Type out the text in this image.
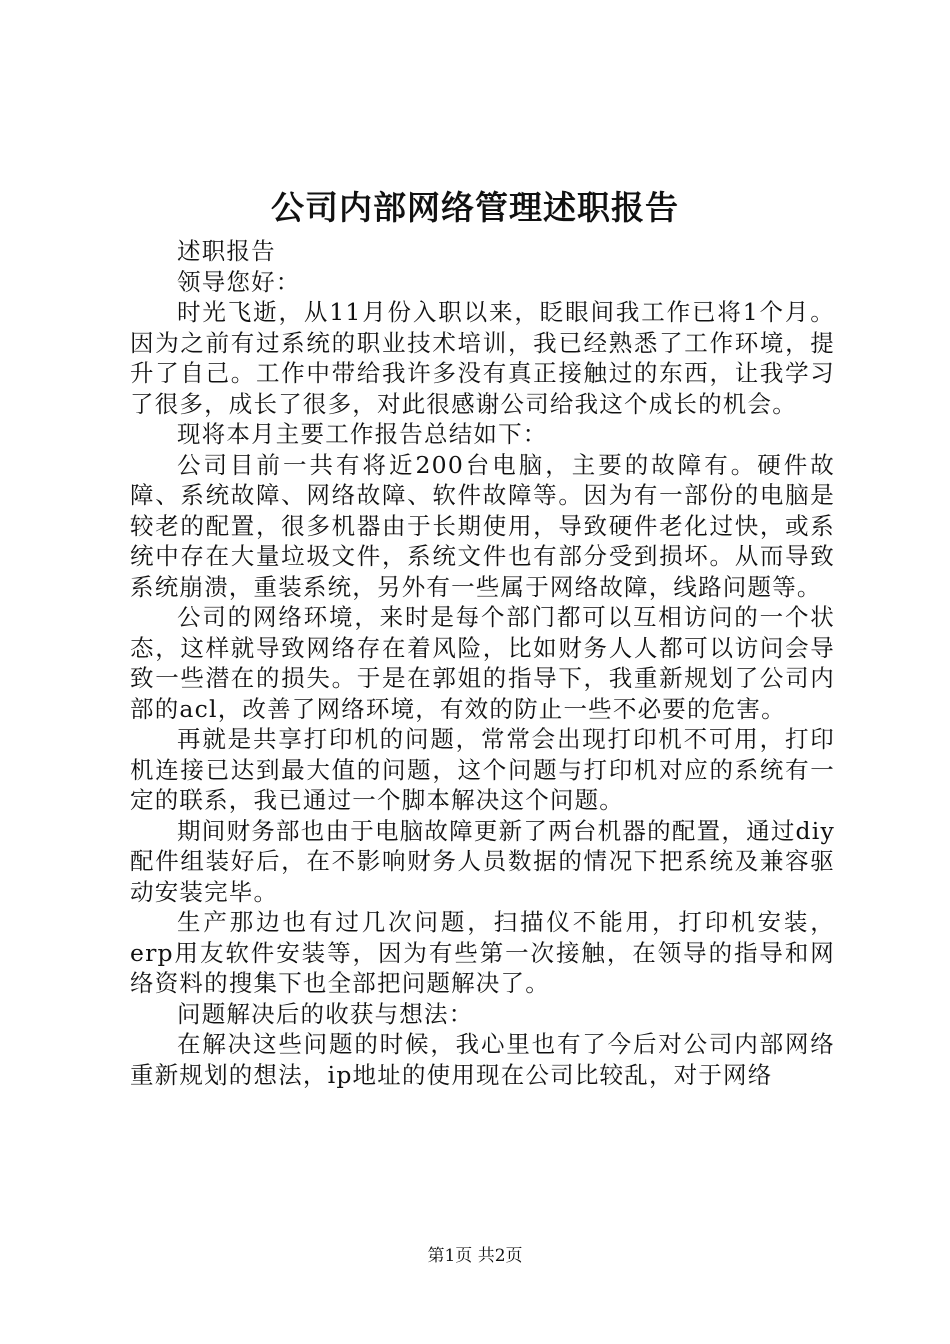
公司内部网络管理述职报告

述职报告

领导您好：

时光飞逝，从11月份入职以来，眨眼间我工作已将1个月。因为之前有过系统的职业技术培训，我已经熟悉了工作环境，提升了自己。工作中带给我许多没有真正接触过的东西，让我学习了很多，成长了很多，对此很感谢公司给我这个成长的机会。

现将本月主要工作报告总结如下：

公司目前一共有将近200台电脑，主要的故障有。硬件故障、系统故障、网络故障、软件故障等。因为有一部份的电脑是较老的配置，很多机器由于长期使用，导致硬件老化过快，或系统中存在大量垃圾文件，系统文件也有部分受到损坏。从而导致系统崩溃，重装系统，另外有一些属于网络故障，线路问题等。

公司的网络环境，来时是每个部门都可以互相访问的一个状态，这样就导致网络存在着风险，比如财务人人都可以访问会导致一些潜在的损失。于是在郭姐的指导下，我重新规划了公司内部的acl，改善了网络环境，有效的防止一些不必要的危害。

再就是共享打印机的问题，常常会出现打印机不可用，打印机连接已达到最大值的问题，这个问题与打印机对应的系统有一定的联系，我已通过一个脚本解决这个问题。

期间财务部也由于电脑故障更新了两台机器的配置，通过diy配件组装好后，在不影响财务人员数据的情况下把系统及兼容驱动安装完毕。

生产那边也有过几次问题，扫描仪不能用，打印机安装，erp用友软件安装等，因为有些第一次接触，在领导的指导和网络资料的搜集下也全部把问题解决了。

问题解决后的收获与想法：

在解决这些问题的时候，我心里也有了今后对公司内部网络重新规划的想法，ip地址的使用现在公司比较乱，对于网络

第1页 共2页
